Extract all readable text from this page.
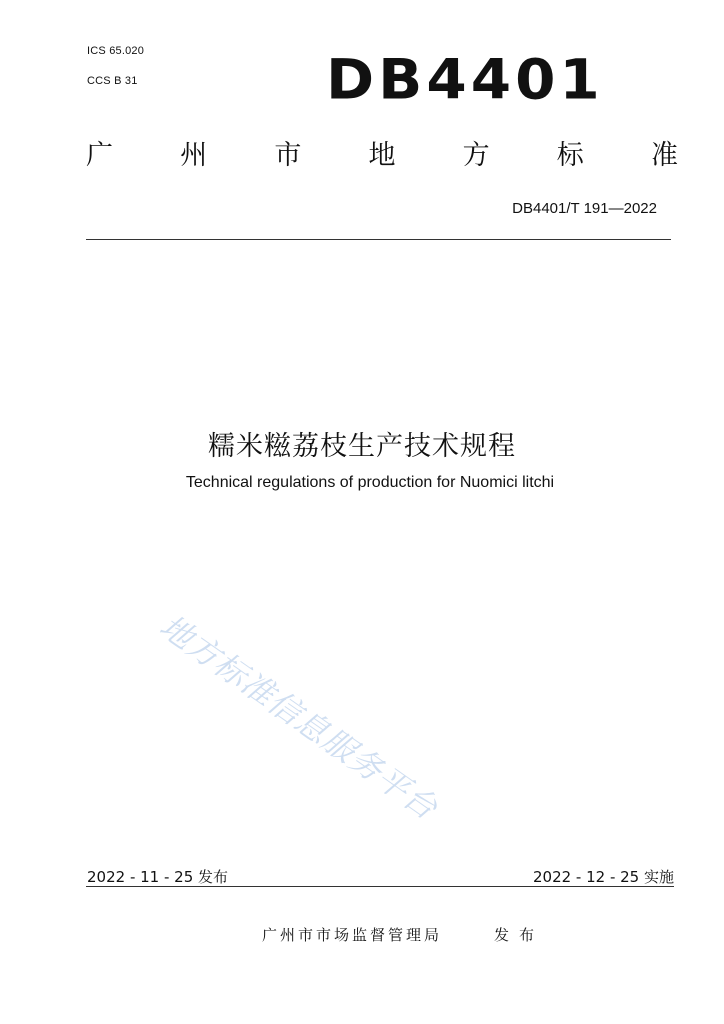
ICS 65.020
CCS B 31	DB4401
广 州 市 地 方 标 准
DB4401/T 191—2022
糯米糍荔枝生产技术规程
Technical regulations of production for Nuomici litchi
地方标准信息服务平台
2022 - 11 - 25 发布	2022 - 12 - 25 实施
广州市市场监督管理局	发布
